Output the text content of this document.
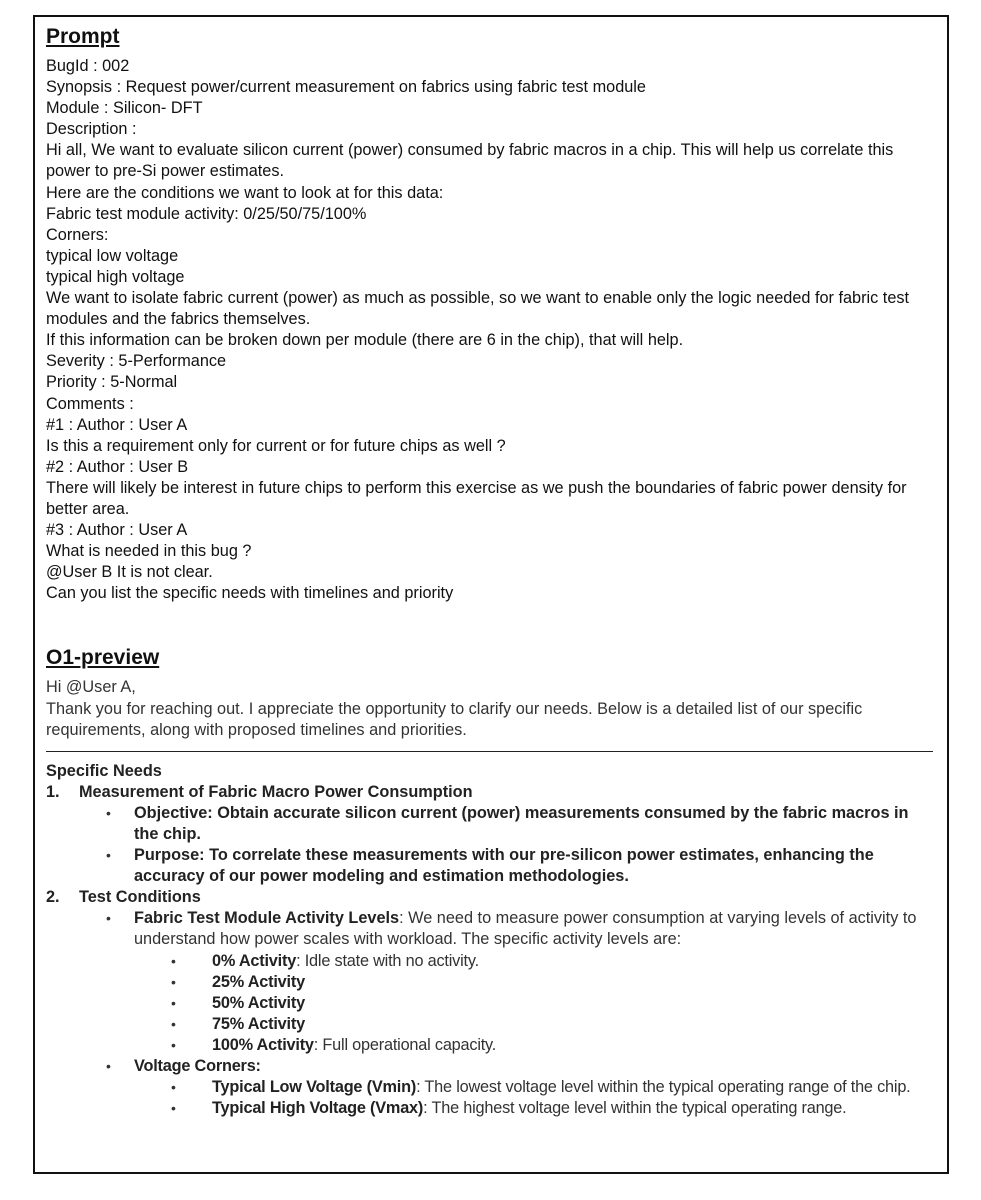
Prompt

BugId : 002

Synopsis : Request power/current measurement on fabrics using fabric test module

Module : Silicon- DFT

Description :

Hi all, We want to evaluate silicon current (power) consumed by fabric macros in a chip. This will help us correlate this power to pre-Si power estimates.

Here are the conditions we want to look at for this data:

Fabric test module activity: 0/25/50/75/100%

Corners:

typical low voltage

typical high voltage

We want to isolate fabric current (power) as much as possible, so we want to enable only the logic needed for fabric test modules and the fabrics themselves.

If this information can be broken down per module (there are 6 in the chip), that will help.

Severity : 5-Performance

Priority : 5-Normal

Comments :

#1 : Author : User A

Is this a requirement only for current or for future chips as well ?

#2 : Author : User B

There will likely be interest in future chips to perform this exercise as we push the boundaries of fabric power density for better area.

#3 : Author : User A

What is needed in this bug ?

@User B It is not clear.

Can you list the specific needs with timelines and priority

O1-preview

Hi @User A,

Thank you for reaching out. I appreciate the opportunity to clarify our needs. Below is a detailed list of our specific requirements, along with proposed timelines and priorities.

Specific Needs

1.	Measurement of Fabric Macro Power Consumption
•	Objective: Obtain accurate silicon current (power) measurements consumed by the fabric macros in the chip.
•	Purpose: To correlate these measurements with our pre-silicon power estimates, enhancing the accuracy of our power modeling and estimation methodologies.
2.	Test Conditions
•	Fabric Test Module Activity Levels: We need to measure power consumption at varying levels of activity to understand how power scales with workload. The specific activity levels are:
•	0% Activity: Idle state with no activity.
•	25% Activity
•	50% Activity
•	75% Activity
•	100% Activity: Full operational capacity.
•	Voltage Corners:
•	Typical Low Voltage (Vmin): The lowest voltage level within the typical operating range of the chip.
•	Typical High Voltage (Vmax): The highest voltage level within the typical operating range.
